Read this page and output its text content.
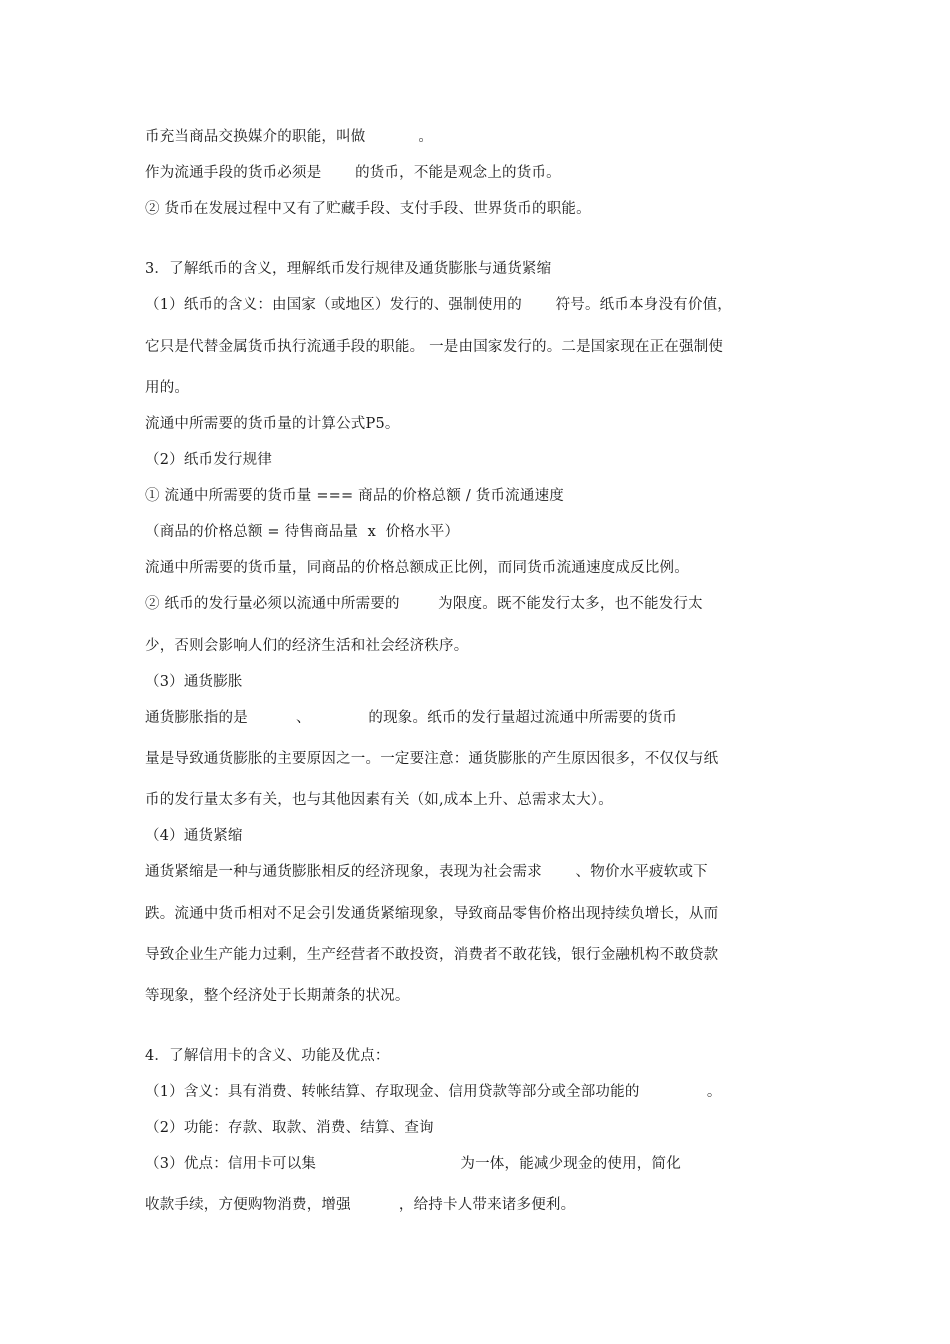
币充当商品交换媒介的职能，叫做           。

作为流通手段的货币必须是       的货币，不能是观念上的货币。

② 货币在发展过程中又有了贮藏手段、支付手段、世界货币的职能。

3．了解纸币的含义，理解纸币发行规律及通货膨胀与通货紧缩

（1）纸币的含义：由国家（或地区）发行的、强制使用的       符号。纸币本身没有价值，

它只是代替金属货币执行流通手段的职能。 一是由国家发行的。二是国家现在正在强制使

用的。

流通中所需要的货币量的计算公式P5。

（2）纸币发行规律

① 流通中所需要的货币量 === 商品的价格总额 / 货币流通速度

（商品的价格总额 = 待售商品量  x  价格水平）

流通中所需要的货币量，同商品的价格总额成正比例，而同货币流通速度成反比例。

② 纸币的发行量必须以流通中所需要的        为限度。既不能发行太多，也不能发行太

少，否则会影响人们的经济生活和社会经济秩序。

（3）通货膨胀

通货膨胀指的是          、            的现象。纸币的发行量超过流通中所需要的货币

量是导致通货膨胀的主要原因之一。一定要注意：通货膨胀的产生原因很多，不仅仅与纸

币的发行量太多有关，也与其他因素有关（如,成本上升、总需求太大）。

（4）通货紧缩

通货紧缩是一种与通货膨胀相反的经济现象，表现为社会需求       、物价水平疲软或下

跌。流通中货币相对不足会引发通货紧缩现象，导致商品零售价格出现持续负增长，从而

导致企业生产能力过剩，生产经营者不敢投资，消费者不敢花钱，银行金融机构不敢贷款

等现象，整个经济处于长期萧条的状况。

4．了解信用卡的含义、功能及优点：

（1）含义：具有消费、转帐结算、存取现金、信用贷款等部分或全部功能的              。

（2）功能：存款、取款、消费、结算、查询

（3）优点：信用卡可以集                              为一体，能减少现金的使用，简化

收款手续，方便购物消费，增强          ，给持卡人带来诸多便利。
